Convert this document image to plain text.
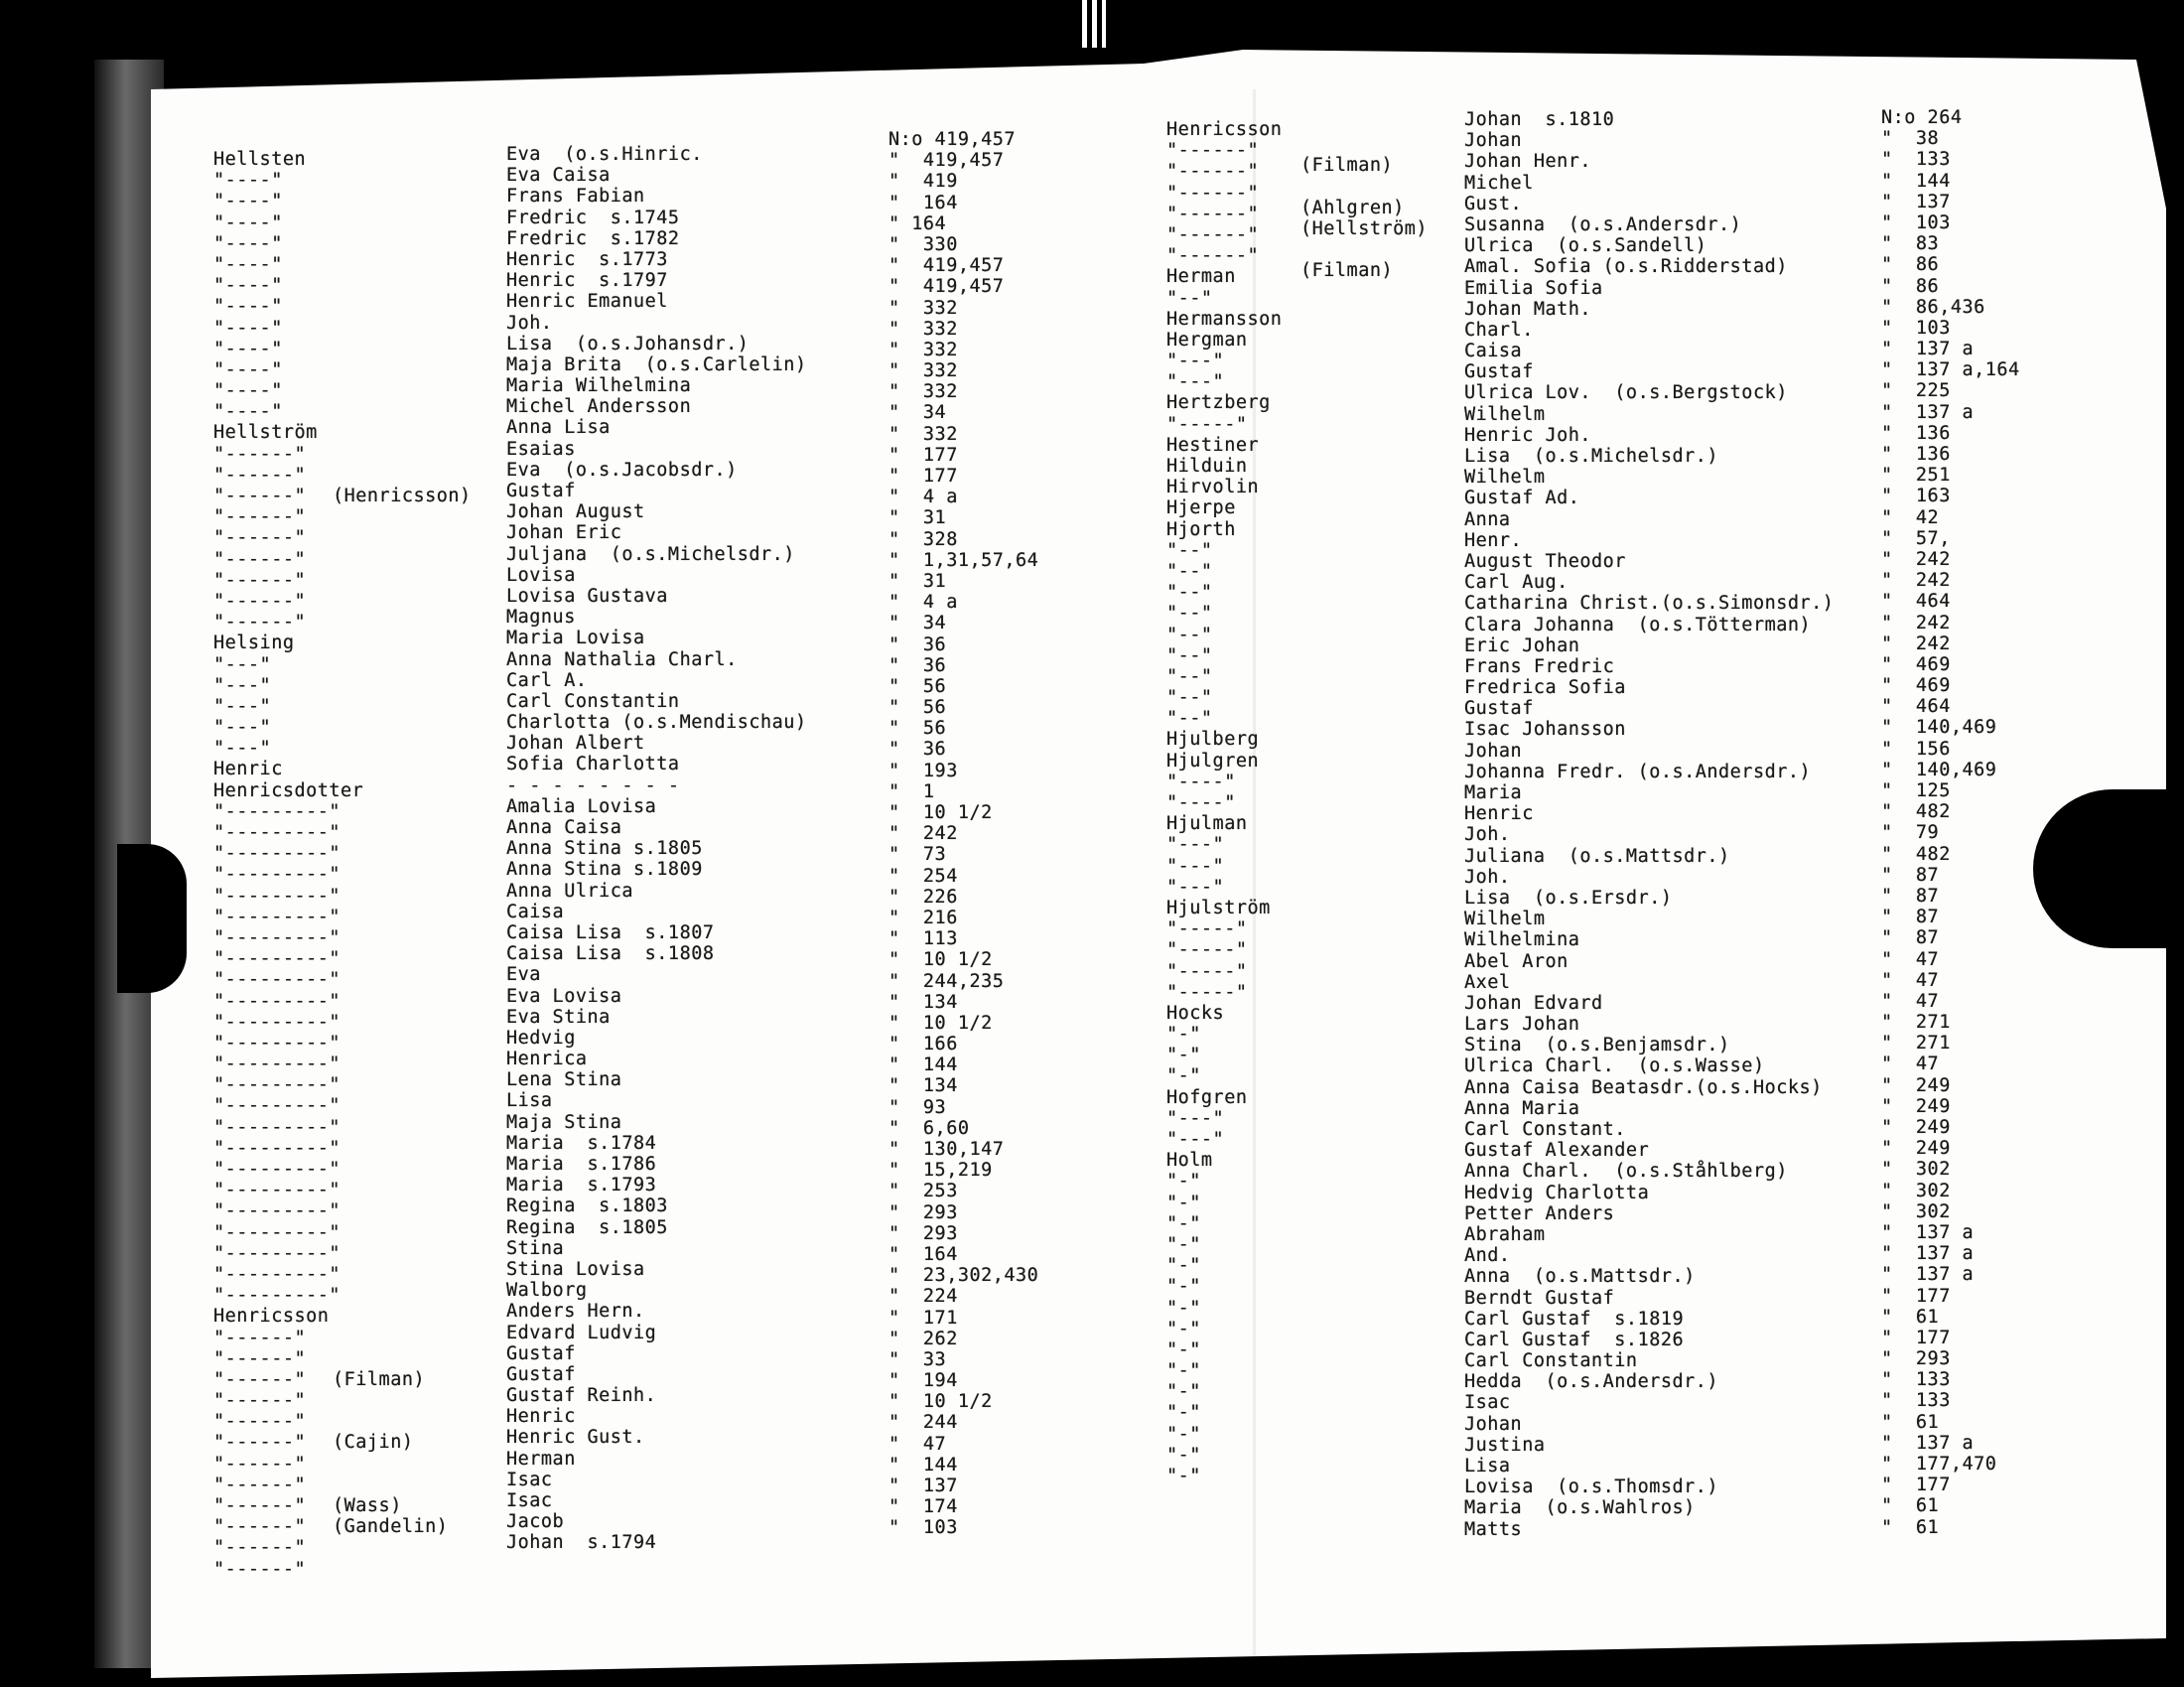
Hellsten
"----"
"----"
"----"
"----"
"----"
"----"
"----"
"----"
"----"
"----"
"----"
"----"
Hellström
"------"
"------"
"------"
"------"
"------"
"------"
"------"
"------"
"------"
Helsing
"---"
"---"
"---"
"---"
"---"
Henric
Henricsdotter
"---------"
"---------"
"---------"
"---------"
"---------"
"---------"
"---------"
"---------"
"---------"
"---------"
"---------"
"---------"
"---------"
"---------"
"---------"
"---------"
"---------"
"---------"
"---------"
"---------"
"---------"
"---------"
"---------"
"---------"
Henricsson
"------"
"------"
"------"
"------"
"------"
"------"
"------"
"------"
"------"
"------"
"------"
"------"
(Henricsson)
(Filman)
(Cajin)
(Wass)
(Gandelin)
Eva  (o.s.Hinric.
Eva Caisa
Frans Fabian
Fredric  s.1745
Fredric  s.1782
Henric  s.1773
Henric  s.1797
Henric Emanuel
Joh.
Lisa  (o.s.Johansdr.)
Maja Brita  (o.s.Carlelin)
Maria Wilhelmina
Michel Andersson
Anna Lisa
Esaias
Eva  (o.s.Jacobsdr.)
Gustaf
Johan August
Johan Eric
Juljana  (o.s.Michelsdr.)
Lovisa
Lovisa Gustava
Magnus
Maria Lovisa
Anna Nathalia Charl.
Carl A.
Carl Constantin
Charlotta (o.s.Mendischau)
Johan Albert
Sofia Charlotta
- - - - - - - -
Amalia Lovisa
Anna Caisa
Anna Stina s.1805
Anna Stina s.1809
Anna Ulrica
Caisa
Caisa Lisa  s.1807
Caisa Lisa  s.1808
Eva
Eva Lovisa
Eva Stina
Hedvig
Henrica
Lena Stina
Lisa
Maja Stina
Maria  s.1784
Maria  s.1786
Maria  s.1793
Regina  s.1803
Regina  s.1805
Stina
Stina Lovisa
Walborg
Anders Hern.
Edvard Ludvig
Gustaf
Gustaf
Gustaf Reinh.
Henric
Henric Gust.
Herman
Isac
Isac
Jacob
Johan  s.1794
N:o 419,457
"  419,457
"  419
"  164
" 164
"  330
"  419,457
"  419,457
"  332
"  332
"  332
"  332
"  332
"  34
"  332
"  177
"  177
"  4 a
"  31
"  328
"  1,31,57,64
"  31
"  4 a
"  34
"  36
"  36
"  56
"  56
"  56
"  36
"  193
"  1
"  10 1/2
"  242
"  73
"  254
"  226
"  216
"  113
"  10 1/2
"  244,235
"  134
"  10 1/2
"  166
"  144
"  134
"  93
"  6,60
"  130,147
"  15,219
"  253
"  293
"  293
"  164
"  23,302,430
"  224
"  171
"  262
"  33
"  194
"  10 1/2
"  244
"  47
"  144
"  137
"  174
"  103
Henricsson
"------"
"------"
"------"
"------"
"------"
"------"
Herman
"--"
Hermansson
Hergman
"---"
"---"
Hertzberg
"-----"
Hestiner
Hilduin
Hirvolin
Hjerpe
Hjorth
"--"
"--"
"--"
"--"
"--"
"--"
"--"
"--"
"--"
Hjulberg
Hjulgren
"----"
"----"
Hjulman
"---"
"---"
"---"
Hjulström
"-----"
"-----"
"-----"
"-----"
Hocks
"-"
"-"
"-"
Hofgren
"---"
"---"
Holm
"-"
"-"
"-"
"-"
"-"
"-"
"-"
"-"
"-"
"-"
"-"
"-"
"-"
"-"
"-"
(Filman)
(Ahlgren)
(Hellström)
(Filman)
Johan  s.1810
Johan
Johan Henr.
Michel
Gust.
Susanna  (o.s.Andersdr.)
Ulrica  (o.s.Sandell)
Amal. Sofia (o.s.Ridderstad)
Emilia Sofia
Johan Math.
Charl.
Caisa
Gustaf
Ulrica Lov.  (o.s.Bergstock)
Wilhelm
Henric Joh.
Lisa  (o.s.Michelsdr.)
Wilhelm
Gustaf Ad.
Anna
Henr.
August Theodor
Carl Aug.
Catharina Christ.(o.s.Simonsdr.)
Clara Johanna  (o.s.Tötterman)
Eric Johan
Frans Fredric
Fredrica Sofia
Gustaf
Isac Johansson
Johan
Johanna Fredr. (o.s.Andersdr.)
Maria
Henric
Joh.
Juliana  (o.s.Mattsdr.)
Joh.
Lisa  (o.s.Ersdr.)
Wilhelm
Wilhelmina
Abel Aron
Axel
Johan Edvard
Lars Johan
Stina  (o.s.Benjamsdr.)
Ulrica Charl.  (o.s.Wasse)
Anna Caisa Beatasdr.(o.s.Hocks)
Anna Maria
Carl Constant.
Gustaf Alexander
Anna Charl.  (o.s.Ståhlberg)
Hedvig Charlotta
Petter Anders
Abraham
And.
Anna  (o.s.Mattsdr.)
Berndt Gustaf
Carl Gustaf  s.1819
Carl Gustaf  s.1826
Carl Constantin
Hedda  (o.s.Andersdr.)
Isac
Johan
Justina
Lisa
Lovisa  (o.s.Thomsdr.)
Maria  (o.s.Wahlros)
Matts
N:o 264
"  38
"  133
"  144
"  137
"  103
"  83
"  86
"  86
"  86,436
"  103
"  137 a
"  137 a,164
"  225
"  137 a
"  136
"  136
"  251
"  163
"  42
"  57,
"  242
"  242
"  464
"  242
"  242
"  469
"  469
"  464
"  140,469
"  156
"  140,469
"  125
"  482
"  79
"  482
"  87
"  87
"  87
"  87
"  47
"  47
"  47
"  271
"  271
"  47
"  249
"  249
"  249
"  249
"  302
"  302
"  302
"  137 a
"  137 a
"  137 a
"  177
"  61
"  177
"  293
"  133
"  133
"  61
"  137 a
"  177,470
"  177
"  61
"  61
